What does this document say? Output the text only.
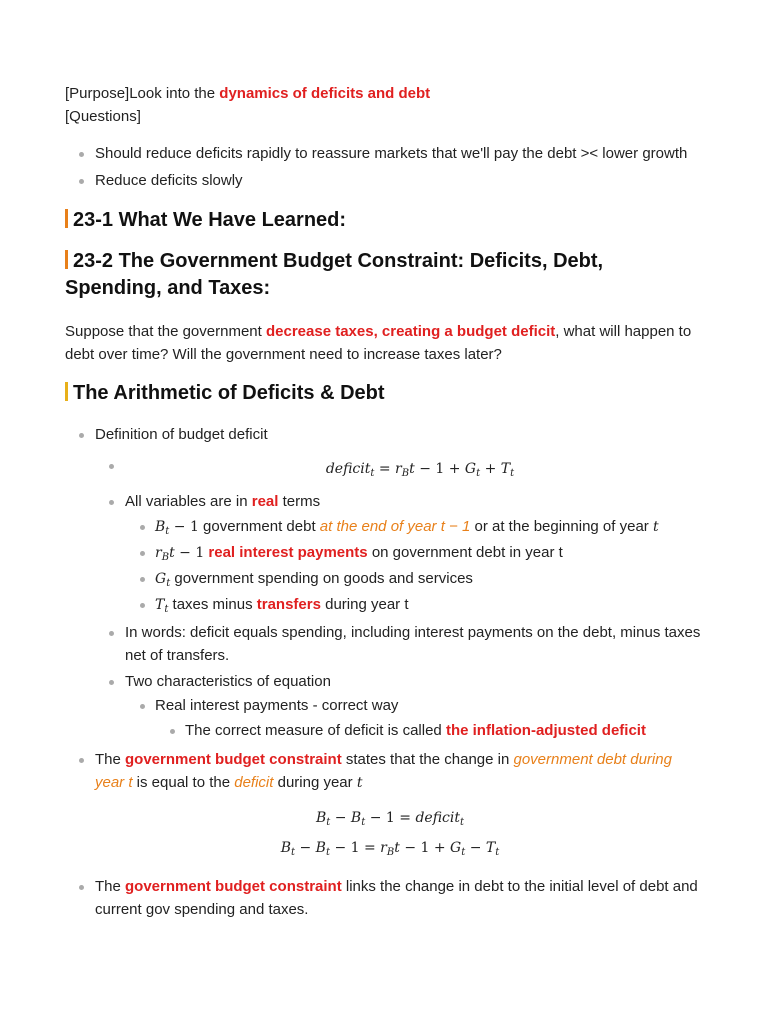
[Purpose]Look into the dynamics of deficits and debt

[Questions]

Should reduce deficits rapidly to reassure markets that we'll pay the debt >< lower growth
Reduce deficits slowly
23-1 What We Have Learned:
23-2 The Government Budget Constraint: Deficits, Debt,
Spending, and Taxes:

Suppose that the government decrease taxes, creating a budget deficit, what will happen to
debt over time? Will the government need to increase taxes later?

The Arithmetic of Deficits & Debt
Definition of budget deficit
deficit$_t$ = $r_Bt - 1 + G_t + T_t$
All variables are in real terms
$B_t - 1$ government debt at the end of year t − 1 or at the beginning of year t
$r_Bt - 1$ real interest payments on government debt in year t
$G_t$ government spending on goods and services
$T_t$ taxes minus transfers during year t
In words: deficit equals spending, including interest payments on the debt, minus taxes
net of transfers.
Two characteristics of equation
Real interest payments - correct way
The correct measure of deficit is called the inflation-adjusted deficit
The government budget constraint states that the change in government debt during
year t is equal to the deficit during year t
$B_t - B_t - 1$ = deficit$_t$
$B_t - B_t - 1 = r_Bt - 1 + G_t - T_t$
The government budget constraint links the change in debt to the initial level of debt and
current gov spending and taxes.
